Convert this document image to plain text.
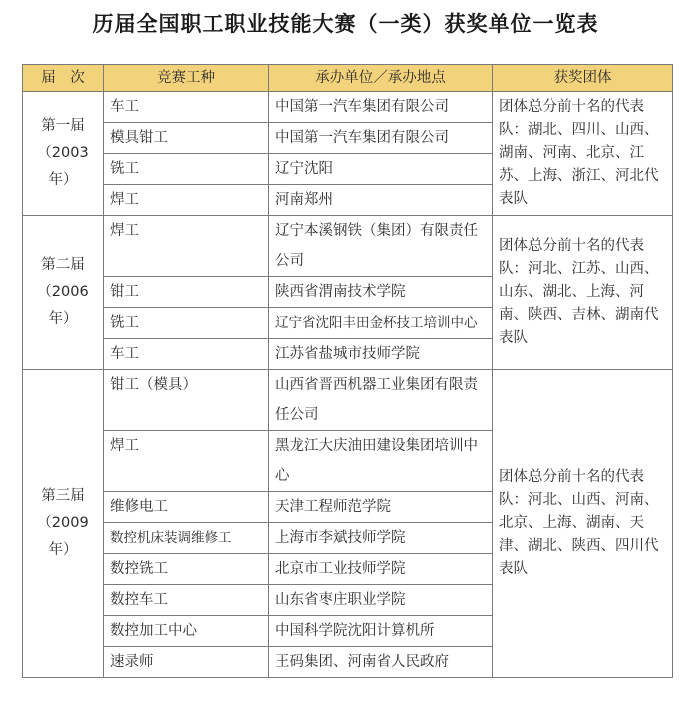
历届全国职工职业技能大赛（一类）获奖单位一览表
届　次	竞赛工种	承办单位／承办地点	获奖团体

第一届
（2003年）	车工	中国第一汽车集团有限公司	团体总分前十名的代表队：湖北、四川、山西、湖南、河南、北京、江苏、上海、浙江、河北代表队
	模具钳工	中国第一汽车集团有限公司	
	铣工	辽宁沈阳	
	焊工	河南郑州	

第二届
（2006年）	焊工	辽宁本溪钢铁（集团）有限责任公司	团体总分前十名的代表队：河北、江苏、山西、山东、湖北、上海、河南、陕西、吉林、湖南代表队
	钳工	陕西省渭南技术学院	
	铣工	辽宁省沈阳丰田金杯技工培训中心	
	车工	江苏省盐城市技师学院	

第三届
（2009年）	钳工（模具）	山西省晋西机器工业集团有限责任公司	团体总分前十名的代表队：河北、山西、河南、北京、上海、湖南、天津、湖北、陕西、四川代表队
	焊工	黑龙江大庆油田建设集团培训中心	
	维修电工	天津工程师范学院	
	数控机床装调维修工	上海市李斌技师学院	
	数控铣工	北京市工业技师学院	
	数控车工	山东省枣庄职业学院	
	数控加工中心	中国科学院沈阳计算机所	
	速录师	王码集团、河南省人民政府	
